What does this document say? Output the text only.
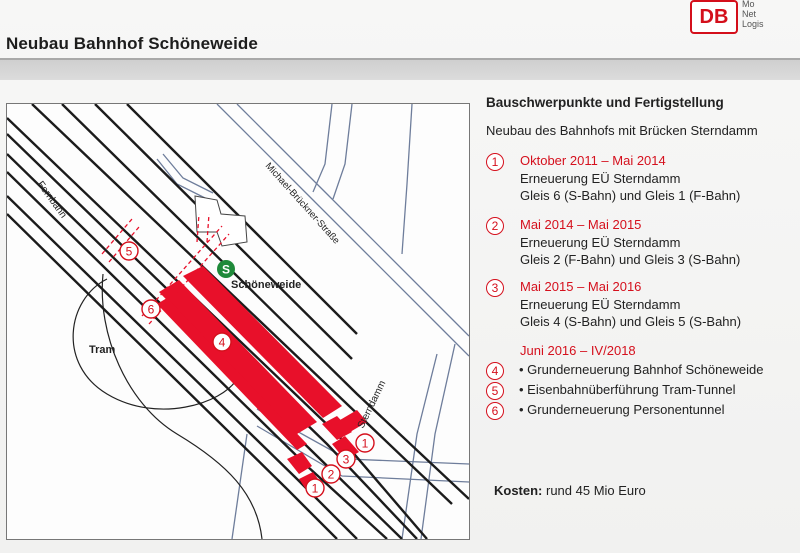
DB
Mo
Net
Logis
Neubau Bahnhof Schöneweide
5
6
4
1
3
2
1
S
Schöneweide
Tram
Fernbahn	Michael-Brückner-Straße
Sterndamm
Bauschwerpunkte und Fertigstellung
Neubau des Bahnhofs mit Brücken Sterndamm
1	Oktober 2011 – Mai 2014
Erneuerung EÜ Sterndamm
Gleis 6 (S-Bahn) und Gleis 1 (F-Bahn)
2	Mai 2014 – Mai 2015
Erneuerung EÜ Sterndamm
Gleis 2 (F-Bahn) und Gleis 3 (S-Bahn)
3	Mai 2015 – Mai 2016
Erneuerung EÜ Sterndamm
Gleis 4 (S-Bahn) und Gleis 5 (S-Bahn)
Juni 2016 – IV/2018
4	• Grunderneuerung Bahnhof Schöneweide
5	• Eisenbahnüberführung Tram-Tunnel
6	• Grunderneuerung Personentunnel
Kosten: rund 45 Mio Euro
